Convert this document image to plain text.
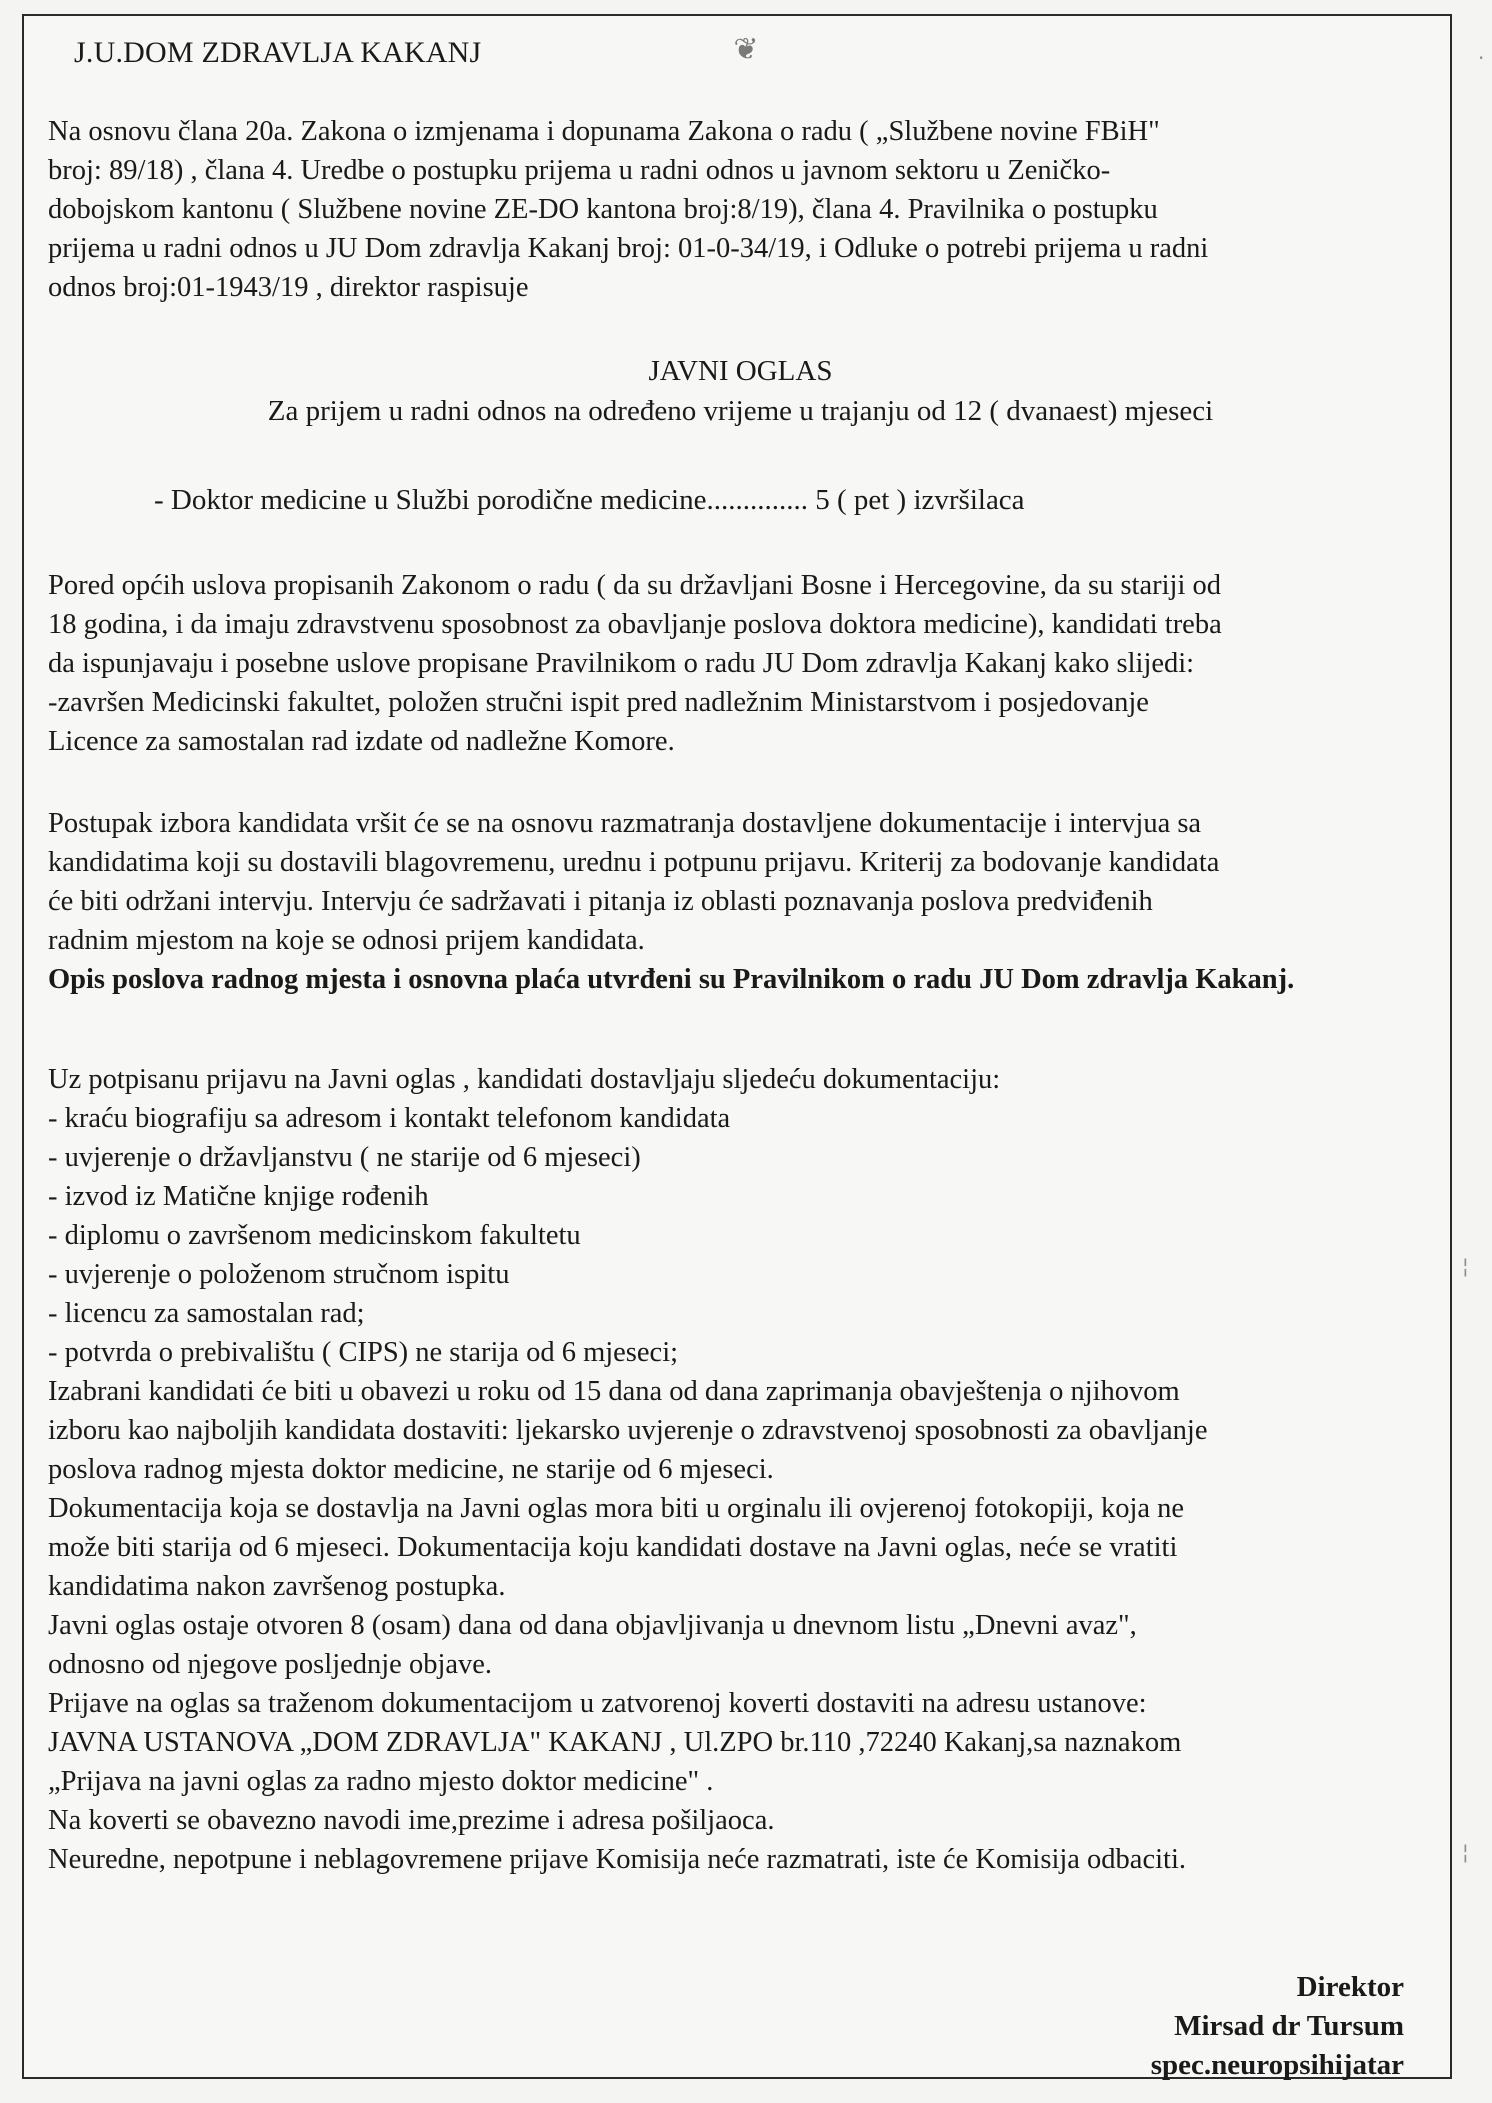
J.U.DOM ZDRAVLJA KAKANJ	❦

Na osnovu člana 20a. Zakona o izmjenama i dopunama Zakona o radu ( „Službene novine FBiH"

broj: 89/18) , člana 4. Uredbe o postupku prijema u radni odnos u javnom sektoru u Zeničko-

dobojskom kantonu ( Službene novine ZE-DO kantona broj:8/19), člana 4. Pravilnika o postupku

prijema u radni odnos u JU Dom zdravlja Kakanj broj: 01-0-34/19, i Odluke o potrebi prijema u radni

odnos broj:01-1943/19 , direktor raspisuje

JAVNI OGLAS
Za prijem u radni odnos na određeno vrijeme u trajanju od 12 ( dvanaest) mjeseci
- Doktor medicine u Službi porodične medicine.............. 5 ( pet ) izvršilaca

Pored općih uslova propisanih Zakonom o radu ( da su državljani Bosne i Hercegovine, da su stariji od

18 godina, i da imaju zdravstvenu sposobnost za obavljanje poslova doktora medicine), kandidati treba

da ispunjavaju i posebne uslove propisane Pravilnikom o radu JU Dom zdravlja Kakanj kako slijedi:

-završen Medicinski fakultet, položen stručni ispit pred nadležnim Ministarstvom i posjedovanje

Licence za samostalan rad izdate od nadležne Komore.

Postupak izbora kandidata vršit će se na osnovu razmatranja dostavljene dokumentacije i intervjua sa

kandidatima koji su dostavili blagovremenu, urednu i potpunu prijavu. Kriterij za bodovanje kandidata

će biti održani intervju. Intervju će sadržavati i pitanja iz oblasti poznavanja poslova predviđenih

radnim mjestom na koje se odnosi prijem kandidata.

Opis poslova radnog mjesta i osnovna plaća utvrđeni su Pravilnikom o radu JU Dom zdravlja Kakanj.

Uz potpisanu prijavu na Javni oglas , kandidati dostavljaju sljedeću dokumentaciju:

- kraću biografiju sa adresom i kontakt telefonom kandidata

- uvjerenje o državljanstvu ( ne starije od 6 mjeseci)

- izvod iz Matične knjige rođenih

- diplomu o završenom medicinskom fakultetu

- uvjerenje o položenom stručnom ispitu

- licencu za samostalan rad;

- potvrda o prebivalištu ( CIPS) ne starija od 6 mjeseci;

Izabrani kandidati će biti u obavezi u roku od 15 dana od dana zaprimanja obavještenja o njihovom

izboru kao najboljih kandidata dostaviti: ljekarsko uvjerenje o zdravstvenoj sposobnosti za obavljanje

poslova radnog mjesta doktor medicine, ne starije od 6 mjeseci.

Dokumentacija koja se dostavlja na Javni oglas mora biti u orginalu ili ovjerenoj fotokopiji, koja ne

može biti starija od 6 mjeseci. Dokumentacija koju kandidati dostave na Javni oglas, neće se vratiti

kandidatima nakon završenog postupka.

Javni oglas ostaje otvoren 8 (osam) dana od dana objavljivanja u dnevnom listu „Dnevni avaz",

odnosno od njegove posljednje objave.

Prijave na oglas sa traženom dokumentacijom u zatvorenoj koverti dostaviti na adresu ustanove:

JAVNA USTANOVA „DOM ZDRAVLJA" KAKANJ , Ul.ZPO br.110 ,72240 Kakanj,sa naznakom

„Prijava na javni oglas za radno mjesto doktor medicine" .

Na koverti se obavezno navodi ime,prezime i adresa pošiljaoca.

Neuredne, nepotpune i neblagovremene prijave Komisija neće razmatrati, iste će Komisija odbaciti.

Direktor
Mirsad dr Tursum
spec.neuropsihijatar
·
¦
¦
